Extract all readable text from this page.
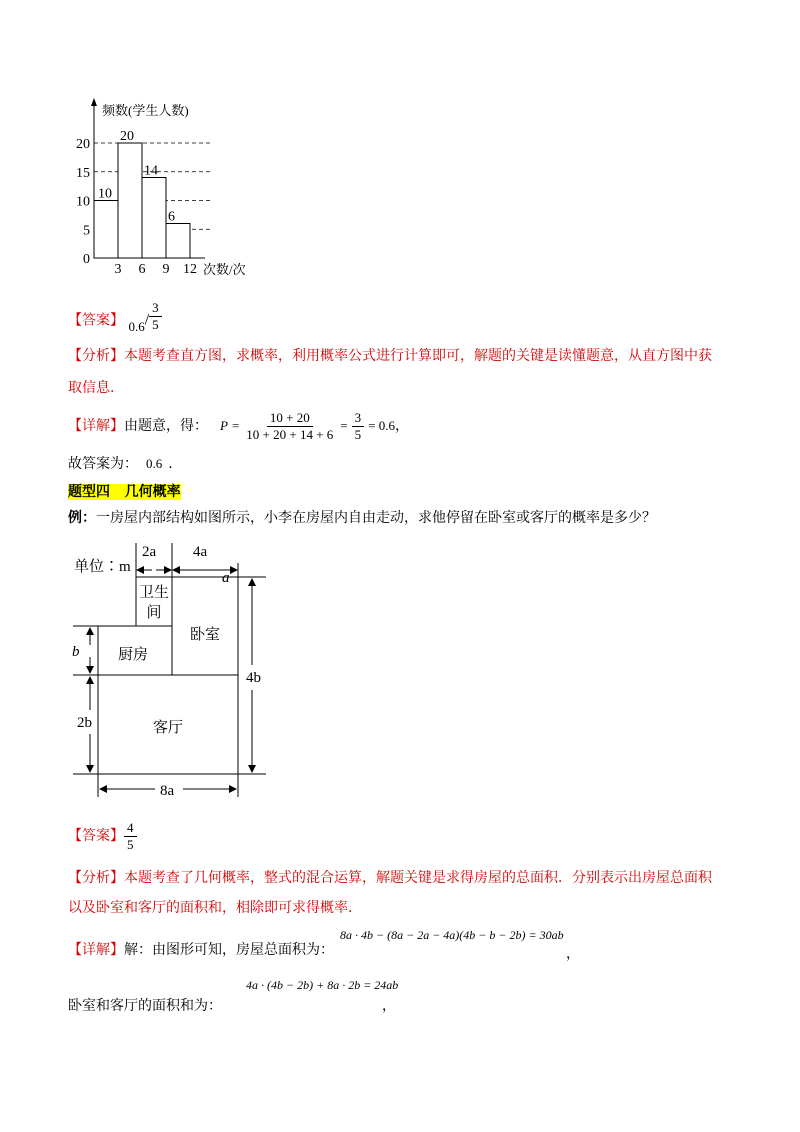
0
5
10
15
20
3 6 9 12
10
20
14
6
频数(学生人数)
次数/次
【答案】 $0.6/ \frac{3}{5}$
【分析】本题考查直方图，求概率，利用概率公式进行计算即可，解题的关键是读懂题意，从直方图中获
取信息.
【详解】 由题意，得： $P = \frac{10 + 20}{10 + 20 + 14 + 6} = \frac{3}{5} = 0.6$ ，
故答案为： 0.6 .
题型四   几何概率
例：一房屋内部结构如图所示，小李在房屋内自由走动，求他停留在卧室或客厅的概率是多少？
单位∶m
2a 4a
a
卫生
间
卧室
厨房
客厅
4b
b
2b
8a
【答案】 $\frac{4}{5}$
【分析】本题考查了几何概率，整式的混合运算，解题关键是求得房屋的总面积．分别表示出房屋总面积
以及卧室和客厅的面积和，相除即可求得概率.
【详解】解：由图形可知，房屋总面积为：
8a · 4b − (8a − 2a − 4a)(4b − b − 2b) = 30ab
，
卧室和客厅的面积和为：
4a · (4b − 2b) + 8a · 2b = 24ab
，
